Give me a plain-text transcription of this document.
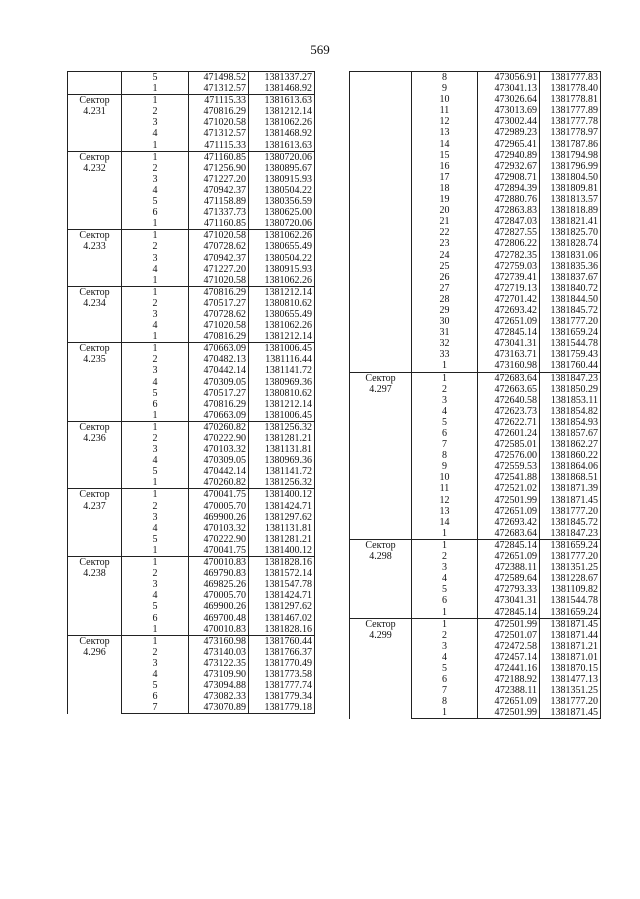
569
	5	471498.52	1381337.27
	1	471312.57	1381468.92
Сектор
4.231	1	471115.33	1381613.63
	2	470816.29	1381212.14
	3	471020.58	1381062.26
	4	471312.57	1381468.92
	1	471115.33	1381613.63
Сектор
4.232	1	471160.85	1380720.06
	2	471256.90	1380895.67
	3	471227.20	1380915.93
	4	470942.37	1380504.22
	5	471158.89	1380356.59
	6	471337.73	1380625.00
	1	471160.85	1380720.06
Сектор
4.233	1	471020.58	1381062.26
	2	470728.62	1380655.49
	3	470942.37	1380504.22
	4	471227.20	1380915.93
	1	471020.58	1381062.26
Сектор
4.234	1	470816.29	1381212.14
	2	470517.27	1380810.62
	3	470728.62	1380655.49
	4	471020.58	1381062.26
	1	470816.29	1381212.14
Сектор
4.235	1	470663.09	1381006.45
	2	470482.13	1381116.44
	3	470442.14	1381141.72
	4	470309.05	1380969.36
	5	470517.27	1380810.62
	6	470816.29	1381212.14
	1	470663.09	1381006.45
Сектор
4.236	1	470260.82	1381256.32
	2	470222.90	1381281.21
	3	470103.32	1381131.81
	4	470309.05	1380969.36
	5	470442.14	1381141.72
	1	470260.82	1381256.32
Сектор
4.237	1	470041.75	1381400.12
	2	470005.70	1381424.71
	3	469900.26	1381297.62
	4	470103.32	1381131.81
	5	470222.90	1381281.21
	1	470041.75	1381400.12
Сектор
4.238	1	470010.83	1381828.16
	2	469790.83	1381572.14
	3	469825.26	1381547.78
	4	470005.70	1381424.71
	5	469900.26	1381297.62
	6	469700.48	1381467.02
	1	470010.83	1381828.16
Сектор
4.296	1	473160.98	1381760.44
	2	473140.03	1381766.37
	3	473122.35	1381770.49
	4	473109.90	1381773.58
	5	473094.88	1381777.74
	6	473082.33	1381779.34
	7	473070.89	1381779.18
	8	473056.91	1381777.83
	9	473041.13	1381778.40
	10	473026.64	1381778.81
	11	473013.69	1381777.89
	12	473002.44	1381777.78
	13	472989.23	1381778.97
	14	472965.41	1381787.86
	15	472940.89	1381794.98
	16	472932.67	1381796.99
	17	472908.71	1381804.50
	18	472894.39	1381809.81
	19	472880.76	1381813.57
	20	472863.83	1381818.89
	21	472847.03	1381821.41
	22	472827.55	1381825.70
	23	472806.22	1381828.74
	24	472782.35	1381831.06
	25	472759.03	1381835.36
	26	472739.41	1381837.67
	27	472719.13	1381840.72
	28	472701.42	1381844.50
	29	472693.42	1381845.72
	30	472651.09	1381777.20
	31	472845.14	1381659.24
	32	473041.31	1381544.78
	33	473163.71	1381759.43
	1	473160.98	1381760.44
Сектор
4.297	1	472683.64	1381847.23
	2	472663.65	1381850.29
	3	472640.58	1381853.11
	4	472623.73	1381854.82
	5	472622.71	1381854.93
	6	472601.24	1381857.67
	7	472585.01	1381862.27
	8	472576.00	1381860.22
	9	472559.53	1381864.06
	10	472541.88	1381868.51
	11	472521.02	1381871.39
	12	472501.99	1381871.45
	13	472651.09	1381777.20
	14	472693.42	1381845.72
	1	472683.64	1381847.23
Сектор
4.298	1	472845.14	1381659.24
	2	472651.09	1381777.20
	3	472388.11	1381351.25
	4	472589.64	1381228.67
	5	472793.33	1381109.82
	6	473041.31	1381544.78
	1	472845.14	1381659.24
Сектор
4.299	1	472501.99	1381871.45
	2	472501.07	1381871.44
	3	472472.58	1381871.21
	4	472457.14	1381871.01
	5	472441.16	1381870.15
	6	472188.92	1381477.13
	7	472388.11	1381351.25
	8	472651.09	1381777.20
	1	472501.99	1381871.45
